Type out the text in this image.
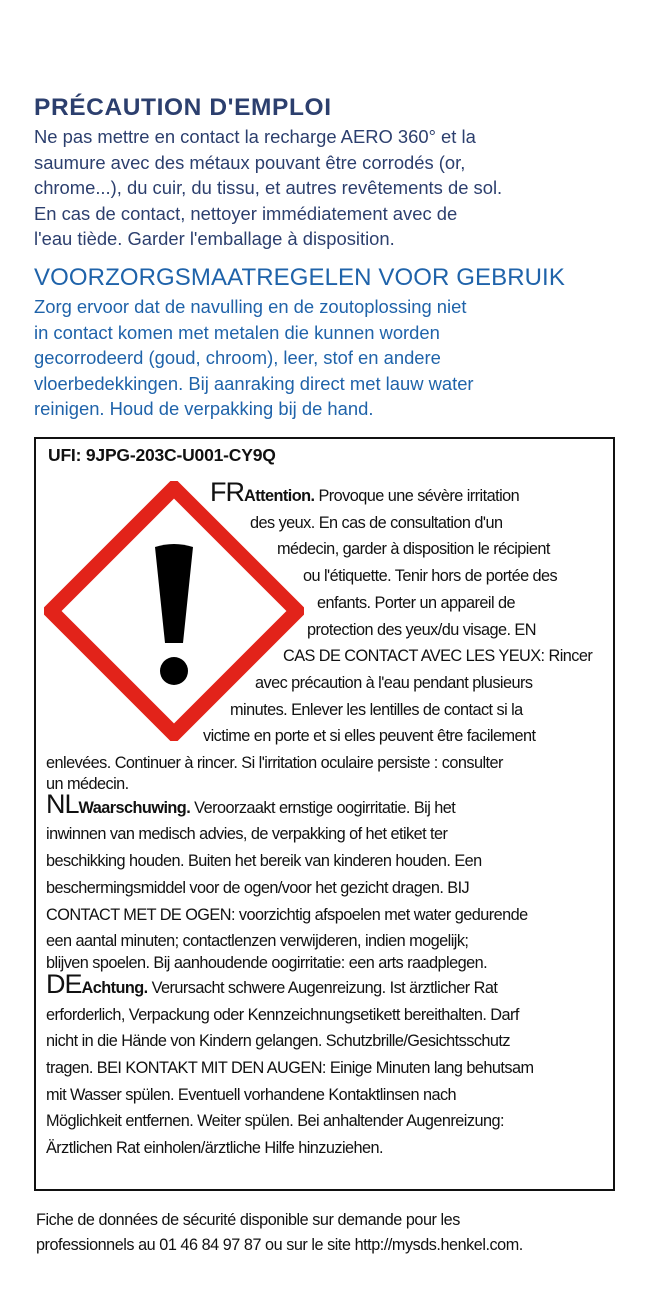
PRÉCAUTION D'EMPLOI

Ne pas mettre en contact la recharge AERO 360° et la
saumure avec des métaux pouvant être corrodés (or,
chrome...), du cuir, du tissu, et autres revêtements de sol.
En cas de contact, nettoyer immédiatement avec de
l'eau tiède. Garder l'emballage à disposition.

VOORZORGSMAATREGELEN VOOR GEBRUIK

Zorg ervoor dat de navulling en de zoutoplossing niet
in contact komen met metalen die kunnen worden
gecorrodeerd (goud, chroom), leer, stof en andere
vloerbedekkingen. Bij aanraking direct met lauw water
reinigen. Houd de verpakking bij de hand.

UFI: 9JPG-203C-U001-CY9Q
FRAttention. Provoque une sévère irritation
des yeux. En cas de consultation d'un
médecin, garder à disposition le récipient
ou l'étiquette. Tenir hors de portée des
enfants. Porter un appareil de
protection des yeux/du visage. EN
CAS DE CONTACT AVEC LES YEUX: Rincer
avec précaution à l'eau pendant plusieurs
minutes. Enlever les lentilles de contact si la
victime en porte et si elles peuvent être facilement
enlevées. Continuer à rincer. Si l'irritation oculaire persiste : consulter
un médecin.
NLWaarschuwing. Veroorzaakt ernstige oogirritatie. Bij het
inwinnen van medisch advies, de verpakking of het etiket ter
beschikking houden. Buiten het bereik van kinderen houden. Een
beschermingsmiddel voor de ogen/voor het gezicht dragen. BIJ
CONTACT MET DE OGEN: voorzichtig afspoelen met water gedurende
een aantal minuten; contactlenzen verwijderen, indien mogelijk;
blijven spoelen. Bij aanhoudende oogirritatie: een arts raadplegen.
DEAchtung. Verursacht schwere Augenreizung. Ist ärztlicher Rat
erforderlich, Verpackung oder Kennzeichnungsetikett bereithalten. Darf
nicht in die Hände von Kindern gelangen. Schutzbrille/Gesichtsschutz
tragen. BEI KONTAKT MIT DEN AUGEN: Einige Minuten lang behutsam
mit Wasser spülen. Eventuell vorhandene Kontaktlinsen nach
Möglichkeit entfernen. Weiter spülen. Bei anhaltender Augenreizung:
Ärztlichen Rat einholen/ärztliche Hilfe hinzuziehen.
Fiche de données de sécurité disponible sur demande pour les
professionnels au 01 46 84 97 87 ou sur le site http://mysds.henkel.com.
